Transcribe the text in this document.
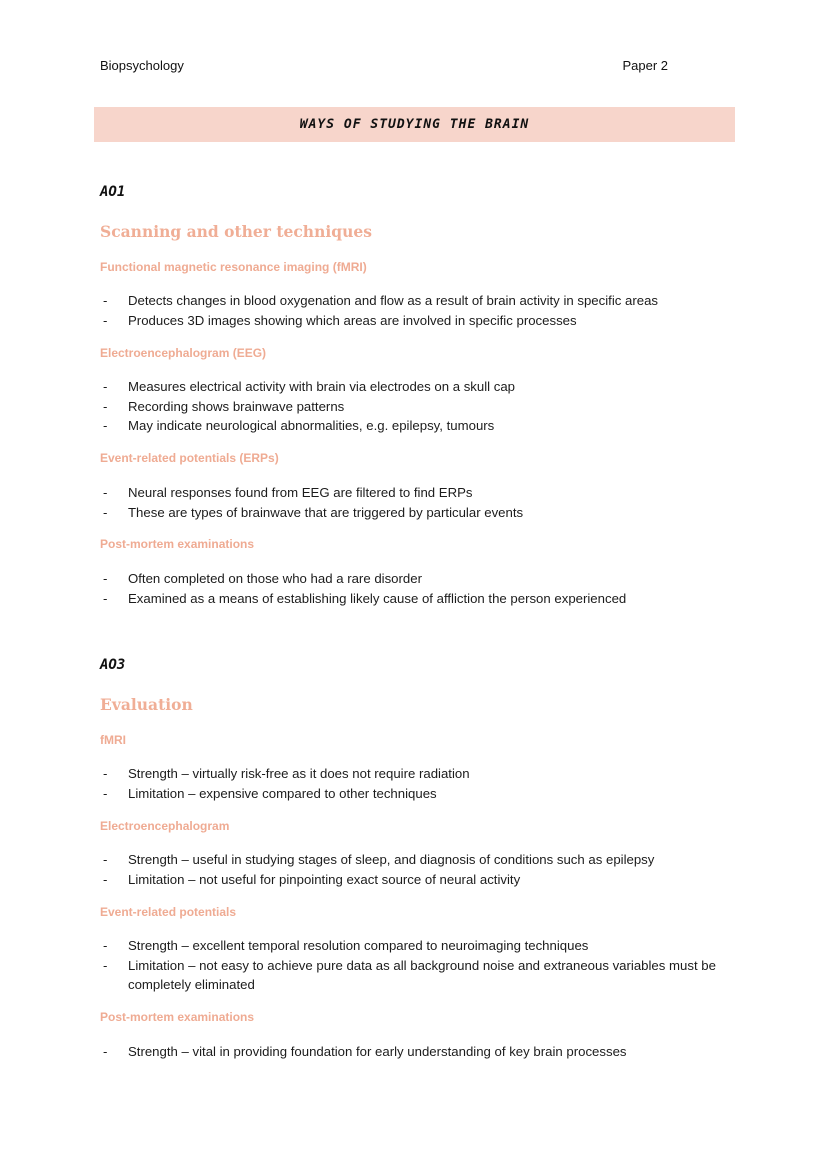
Biopsychology	Paper 2
WAYS OF STUDYING THE BRAIN
AO1
Scanning and other techniques
Functional magnetic resonance imaging (fMRI)
- Detects changes in blood oxygenation and flow as a result of brain activity in specific areas
- Produces 3D images showing which areas are involved in specific processes
Electroencephalogram (EEG)
- Measures electrical activity with brain via electrodes on a skull cap
- Recording shows brainwave patterns
- May indicate neurological abnormalities, e.g. epilepsy, tumours
Event-related potentials (ERPs)
- Neural responses found from EEG are filtered to find ERPs
- These are types of brainwave that are triggered by particular events
Post-mortem examinations
- Often completed on those who had a rare disorder
- Examined as a means of establishing likely cause of affliction the person experienced
AO3
Evaluation
fMRI
- Strength – virtually risk-free as it does not require radiation
- Limitation – expensive compared to other techniques
Electroencephalogram
- Strength – useful in studying stages of sleep, and diagnosis of conditions such as epilepsy
- Limitation – not useful for pinpointing exact source of neural activity
Event-related potentials
- Strength – excellent temporal resolution compared to neuroimaging techniques
- Limitation – not easy to achieve pure data as all background noise and extraneous variables must be completely eliminated
Post-mortem examinations
- Strength – vital in providing foundation for early understanding of key brain processes
